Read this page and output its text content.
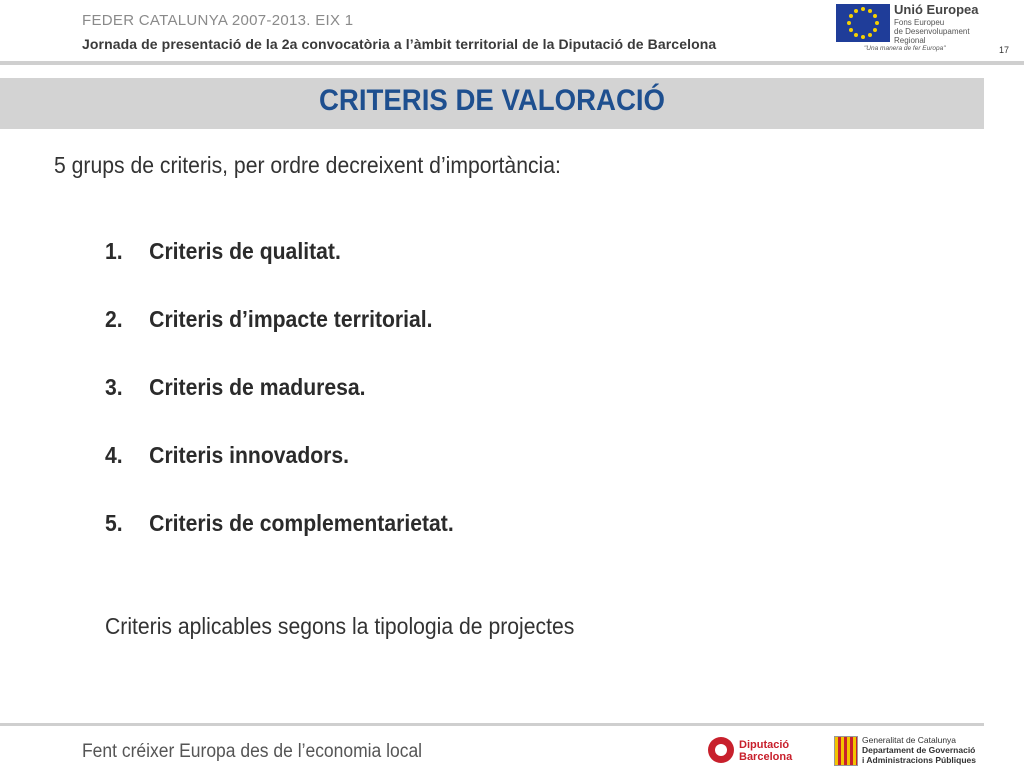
FEDER CATALUNYA 2007-2013. EIX 1
Jornada de presentació de la 2a convocatòria a l’àmbit territorial de la Diputació de Barcelona	17
Unió Europea
Fons Europeu
de Desenvolupament
Regional
"Una manera de fer Europa"
CRITERIS DE VALORACIÓ
5 grups de criteris, per ordre decreixent d’importància:
1. Criteris de qualitat.
2. Criteris d’impacte territorial.
3. Criteris de maduresa.
4. Criteris innovadors.
5. Criteris de complementarietat.
Criteris aplicables segons la tipologia de projectes
Fent créixer Europa des de l’economia local	Diputació
Barcelona
Generalitat de Catalunya
Departament de Governació
i Administracions Públiques
